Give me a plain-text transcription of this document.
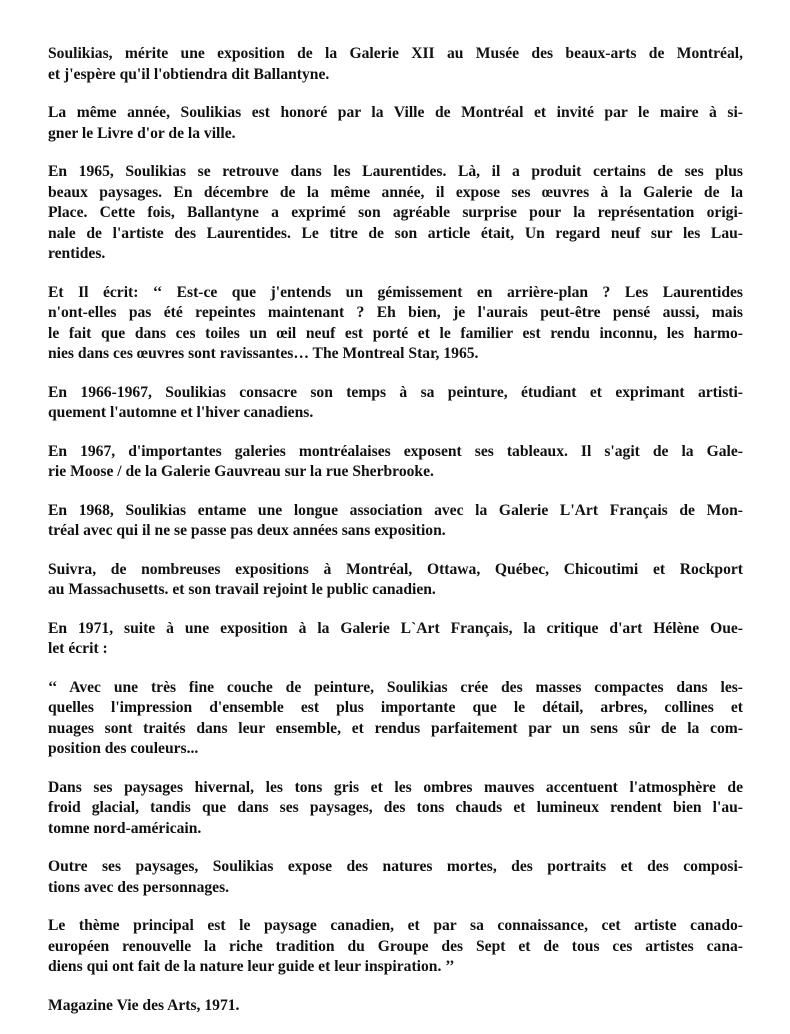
Soulikias, mérite une exposition de la Galerie XII au Musée des beaux-arts de Montréal,
et j'espère qu'il l'obtiendra dit Ballantyne.

La même année, Soulikias est honoré par la Ville de Montréal et invité par le maire à si-
gner le Livre d'or de la ville.

En 1965, Soulikias se retrouve dans les Laurentides. Là, il a produit certains de ses plus
beaux paysages. En décembre de la même année, il expose ses œuvres à la Galerie de la
Place. Cette fois, Ballantyne a exprimé son agréable surprise pour la représentation origi-
nale de l'artiste des Laurentides. Le titre de son article était, Un regard neuf sur les Lau-
rentides.

Et Il écrit: ‘‘ Est-ce que j'entends un gémissement en arrière-plan ? Les Laurentides
n'ont-elles pas été repeintes maintenant ? Eh bien, je l'aurais peut-être pensé aussi, mais
le fait que dans ces toiles un œil neuf est porté et le familier est rendu inconnu, les harmo-
nies dans ces œuvres sont ravissantes… The Montreal Star, 1965.

En 1966-1967, Soulikias consacre son temps à sa peinture, étudiant et exprimant artisti-
quement l'automne et l'hiver canadiens.

En 1967, d'importantes galeries montréalaises exposent ses tableaux. Il s'agit de la Gale-
rie Moose / de la Galerie Gauvreau sur la rue Sherbrooke.

En 1968, Soulikias entame une longue association avec la Galerie L'Art Français de Mon-
tréal avec qui il ne se passe pas deux années sans exposition.

Suivra, de nombreuses expositions à Montréal, Ottawa, Québec, Chicoutimi et Rockport
au Massachusetts. et son travail rejoint le public canadien.

En 1971, suite à une exposition à la Galerie L`Art Français, la critique d'art Hélène Oue-
let écrit :

‘‘ Avec une très fine couche de peinture, Soulikias crée des masses compactes dans les-
quelles l'impression d'ensemble est plus importante que le détail, arbres, collines et
nuages sont traités dans leur ensemble, et rendus parfaitement par un sens sûr de la com-
position des couleurs...

Dans ses paysages hivernal, les tons gris et les ombres mauves accentuent l'atmosphère de
froid glacial, tandis que dans ses paysages, des tons chauds et lumineux rendent bien l'au-
tomne nord-américain.

Outre ses paysages, Soulikias expose des natures mortes, des portraits et des composi-
tions avec des personnages.

Le thème principal est le paysage canadien, et par sa connaissance, cet artiste canado-
européen renouvelle la riche tradition du Groupe des Sept et de tous ces artistes cana-
diens qui ont fait de la nature leur guide et leur inspiration. ’’

Magazine Vie des Arts, 1971.
